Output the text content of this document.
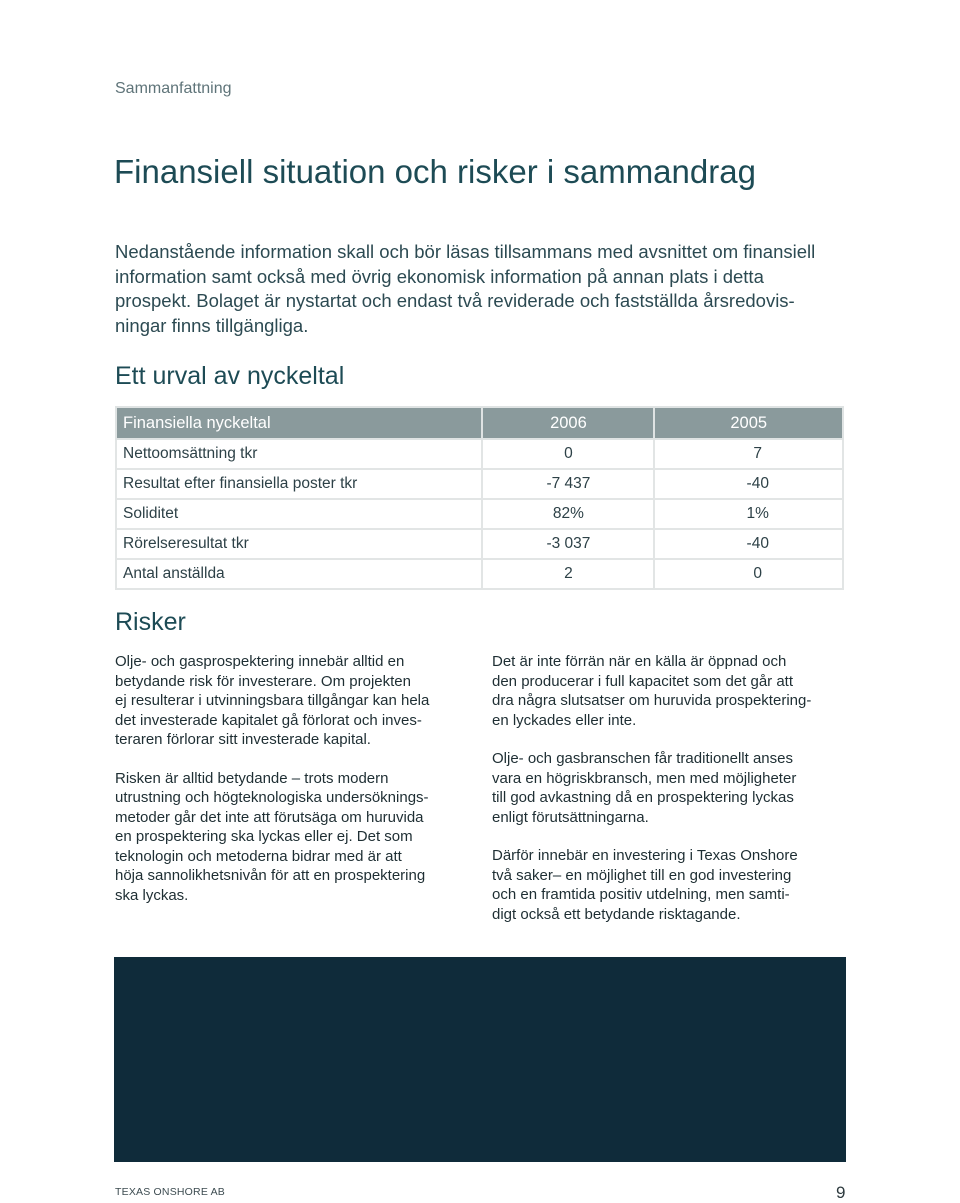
Sammanfattning
Finansiell situation och risker i sammandrag

Nedanstående information skall och bör läsas tillsammans med avsnittet om finansiell
information samt också med övrig ekonomisk information på annan plats i detta
prospekt. Bolaget är nystartat och endast två reviderade och fastställda årsredovis-
ningar finns tillgängliga.

Ett urval av nyckeltal
Finansiella nyckeltal	2006	2005
Nettoomsättning tkr	0	7
Resultat efter finansiella poster tkr	-7 437	-40
Soliditet	82%	1%
Rörelseresultat tkr	-3 037	-40
Antal anställda	2	0
Risker

Olje- och gasprospektering innebär alltid en
betydande risk för investerare. Om projekten
ej resulterar i utvinningsbara tillgångar kan hela
det investerade kapitalet gå förlorat och inves-
teraren förlorar sitt investerade kapital.

Risken är alltid betydande – trots modern
utrustning och högteknologiska undersöknings-
metoder går det inte att förutsäga om huruvida
en prospektering ska lyckas eller ej. Det som
teknologin och metoderna bidrar med är att
höja sannolikhetsnivån för att en prospektering
ska lyckas.

Det är inte förrän när en källa är öppnad och
den producerar i full kapacitet som det går att
dra några slutsatser om huruvida prospektering-
en lyckades eller inte.

Olje- och gasbranschen får traditionellt anses
vara en högriskbransch, men med möjligheter
till god avkastning då en prospektering lyckas
enligt förutsättningarna.

Därför innebär en investering i Texas Onshore
två saker– en möjlighet till en god investering
och en framtida positiv utdelning, men samti-
digt också ett betydande risktagande.

TEXAS ONSHORE AB	9
